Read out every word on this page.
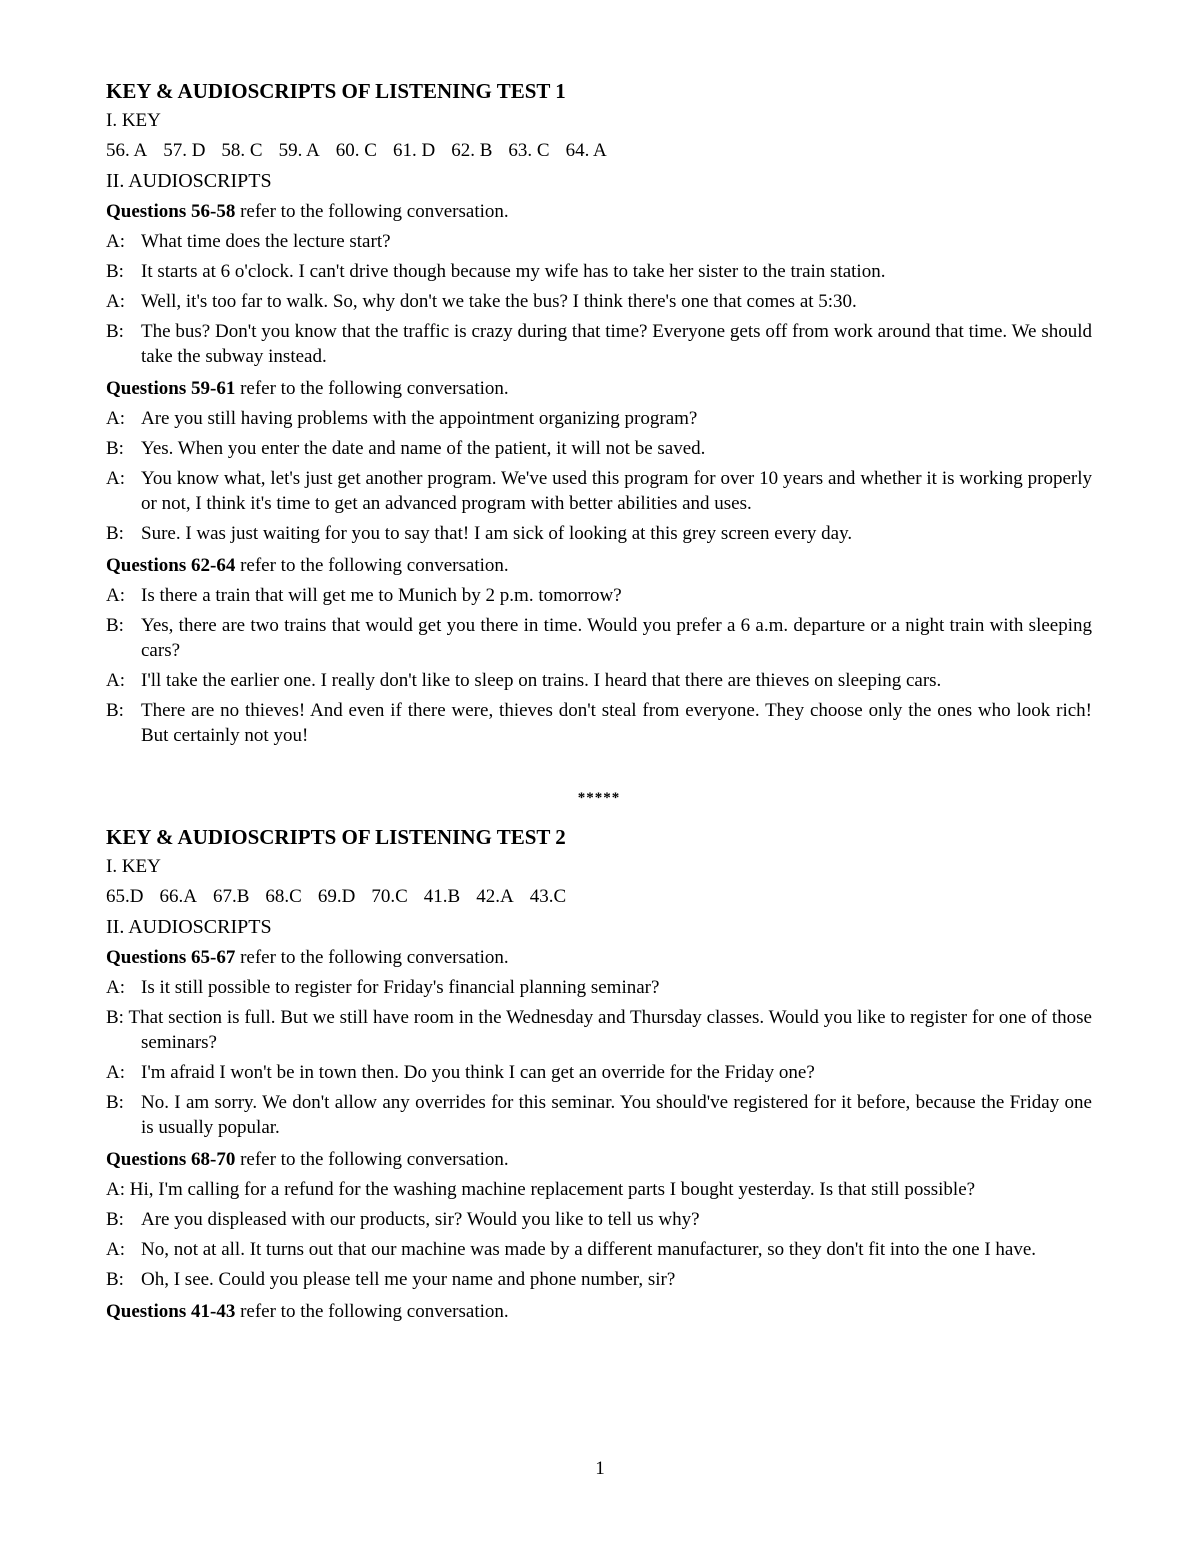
KEY & AUDIOSCRIPTS OF LISTENING TEST 1
I. KEY
56. A 57. D 58. C 59. A 60. C 61. D 62. B 63. C 64. A
II. AUDIOSCRIPTS
Questions 56-58 refer to the following conversation.
A: What time does the lecture start?
B: It starts at 6 o'clock. I can't drive though because my wife has to take her sister to the train station.
A: Well, it's too far to walk. So, why don't we take the bus? I think there's one that comes at 5:30.
B: The bus? Don't you know that the traffic is crazy during that time? Everyone gets off from work around that time. We should take the subway instead.
Questions 59-61 refer to the following conversation.
A: Are you still having problems with the appointment organizing program?
B: Yes. When you enter the date and name of the patient, it will not be saved.
A: You know what, let's just get another program. We've used this program for over 10 years and whether it is working properly or not, I think it's time to get an advanced program with better abilities and uses.
B: Sure. I was just waiting for you to say that! I am sick of looking at this grey screen every day.
Questions 62-64 refer to the following conversation.
A: Is there a train that will get me to Munich by 2 p.m. tomorrow?
B: Yes, there are two trains that would get you there in time. Would you prefer a 6 a.m. departure or a night train with sleeping cars?
A: I'll take the earlier one. I really don't like to sleep on trains. I heard that there are thieves on sleeping cars.
B: There are no thieves! And even if there were, thieves don't steal from everyone. They choose only the ones who look rich! But certainly not you!
*****
KEY & AUDIOSCRIPTS OF LISTENING TEST 2
I. KEY
65.D 66.A 67.B 68.C 69.D 70.C 41.B 42.A 43.C
II. AUDIOSCRIPTS
Questions 65-67 refer to the following conversation.
A: Is it still possible to register for Friday's financial planning seminar?
B: That section is full. But we still have room in the Wednesday and Thursday classes. Would you like to register for one of those seminars?
A: I'm afraid I won't be in town then. Do you think I can get an override for the Friday one?
B: No. I am sorry. We don't allow any overrides for this seminar. You should've registered for it before, because the Friday one is usually popular.
Questions 68-70 refer to the following conversation.
A: Hi, I'm calling for a refund for the washing machine replacement parts I bought yesterday. Is that still possible?
B: Are you displeased with our products, sir? Would you like to tell us why?
A: No, not at all. It turns out that our machine was made by a different manufacturer, so they don't fit into the one I have.
B: Oh, I see. Could you please tell me your name and phone number, sir?
Questions 41-43 refer to the following conversation.
1
